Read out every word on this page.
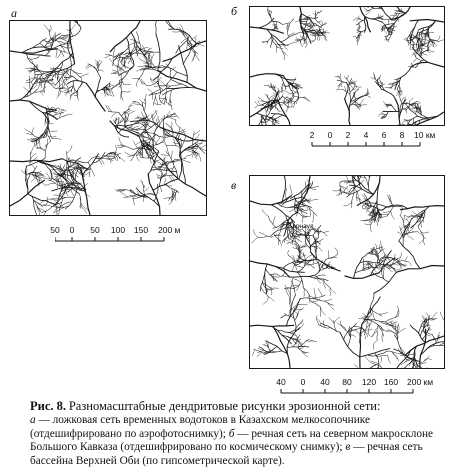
а	б
Барнаул
Обь
в
50 0 50 100 150 200 м
2 0 2 4 6 8 10 км
40 0 40 80 120 160 200 км
Рис. 8. Разномасштабные дендритовые рисунки эрозионной сети:
а — ложковая сеть временных водотоков в Казахском мелкосопочнике (отдешифрировано по аэрофотоснимку); б — речная сеть на северном макросклоне Большого Кавказа (отдешифрировано по космическому снимку); в — речная сеть бассейна Верхней Оби (по гипсометрической карте).
